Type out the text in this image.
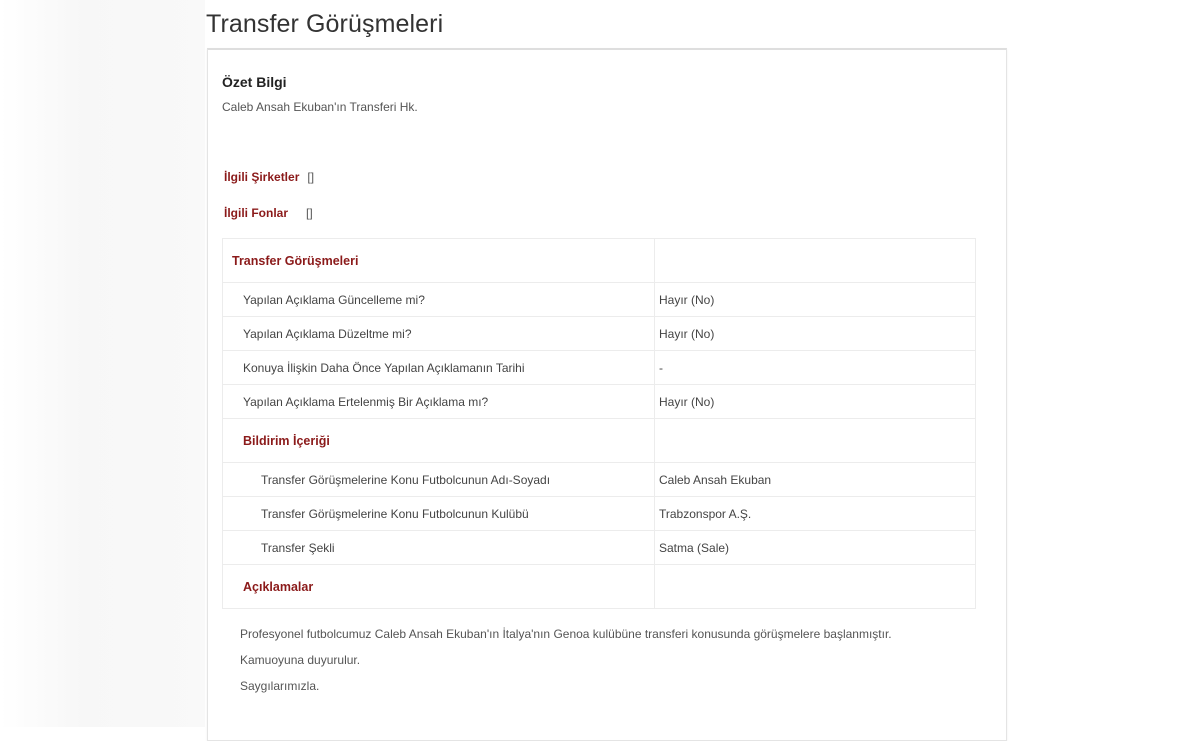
Transfer Görüşmeleri
Özet Bilgi
Caleb Ansah Ekuban'ın Transferi Hk.
İlgili Şirketler []
İlgili Fonlar []
Transfer Görüşmeleri	
Yapılan Açıklama Güncelleme mi?	Hayır (No)
Yapılan Açıklama Düzeltme mi?	Hayır (No)
Konuya İlişkin Daha Önce Yapılan Açıklamanın Tarihi	-
Yapılan Açıklama Ertelenmiş Bir Açıklama mı?	Hayır (No)
Bildirim İçeriği	
Transfer Görüşmelerine Konu Futbolcunun Adı-Soyadı	Caleb Ansah Ekuban
Transfer Görüşmelerine Konu Futbolcunun Kulübü	Trabzonspor A.Ş.
Transfer Şekli	Satma (Sale)
Açıklamalar	

Profesyonel futbolcumuz Caleb Ansah Ekuban'ın İtalya'nın Genoa kulübüne transferi konusunda görüşmelere başlanmıştır.

Kamuoyuna duyurulur.

Saygılarımızla.
